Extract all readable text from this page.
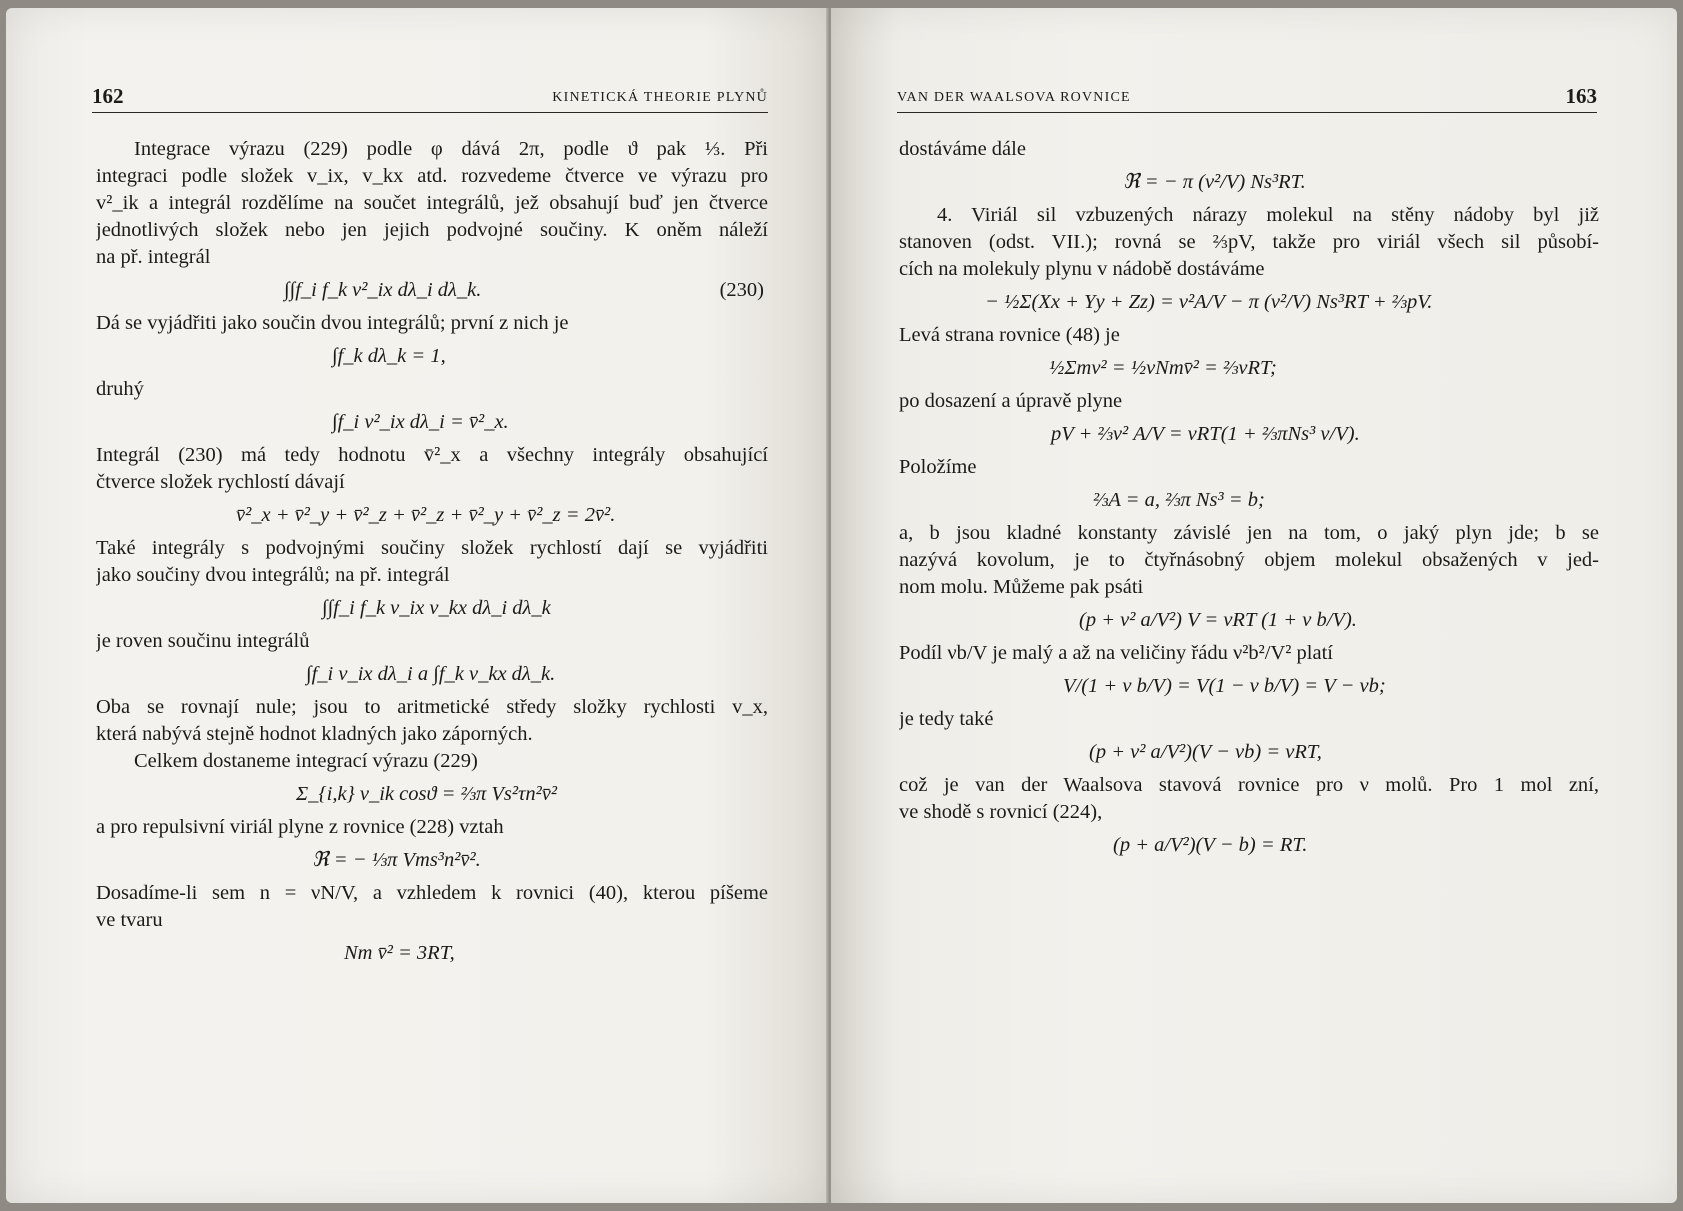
162	KINETICKÁ THEORIE PLYNŮ
Integrace výrazu (229) podle φ dává 2π, podle ϑ pak ⅓. Při
integraci podle složek v_ix, v_kx atd. rozvedeme čtverce ve výrazu pro
v²_ik a integrál rozdělíme na součet integrálů, jež obsahují buď jen čtverce
jednotlivých složek nebo jen jejich podvojné součiny. K oněm náleží
na př. integrál
∫∫f_i f_k v²_ix dλ_i dλ_k.	(230)
Dá se vyjádřiti jako součin dvou integrálů; první z nich je
∫f_k dλ_k = 1,
druhý
∫f_i v²_ix dλ_i = v̄²_x.
Integrál (230) má tedy hodnotu v̄²_x a všechny integrály obsahující
čtverce složek rychlostí dávají
v̄²_x + v̄²_y + v̄²_z + v̄²_z + v̄²_y + v̄²_z = 2v̄².
Také integrály s podvojnými součiny složek rychlostí dají se vyjádřiti
jako součiny dvou integrálů; na př. integrál
∫∫f_i f_k v_ix v_kx dλ_i dλ_k
je roven součinu integrálů
∫f_i v_ix dλ_i a ∫f_k v_kx dλ_k.
Oba se rovnají nule; jsou to aritmetické středy složky rychlosti v_x,
která nabývá stejně hodnot kladných jako záporných.
Celkem dostaneme integrací výrazu (229)
Σ_{i,k} v_ik cosϑ = ⅔π Vs²τn²v̄²
a pro repulsivní viriál plyne z rovnice (228) vztah
ℜ = − ⅓π Vms³n²v̄².
Dosadíme-li sem n = νN/V, a vzhledem k rovnici (40), kterou píšeme
ve tvaru
Nm v̄² = 3RT,
VAN DER WAALSOVA ROVNICE	163
dostáváme dále
ℜ = − π (ν²/V) Ns³RT.
4. Viriál sil vzbuzených nárazy molekul na stěny nádoby byl již
stanoven (odst. VII.); rovná se ⅔pV, takže pro viriál všech sil působí-
cích na molekuly plynu v nádobě dostáváme
− ½Σ(Xx + Yy + Zz) = ν²A/V − π (ν²/V) Ns³RT + ⅔pV.
Levá strana rovnice (48) je
½Σmv² = ½νNmv̄² = ⅔νRT;
po dosazení a úpravě plyne
pV + ⅔ν² A/V = νRT(1 + ⅔πNs³ ν/V).
Položíme
⅔A = a, ⅔π Ns³ = b;
a, b jsou kladné konstanty závislé jen na tom, o jaký plyn jde; b se
nazývá kovolum, je to čtyřnásobný objem molekul obsažených v jed-
nom molu. Můžeme pak psáti
(p + ν² a/V²) V = νRT (1 + ν b/V).
Podíl νb/V je malý a až na veličiny řádu ν²b²/V² platí
V/(1 + ν b/V) = V(1 − ν b/V) = V − νb;
je tedy také
(p + ν² a/V²)(V − νb) = νRT,
což je van der Waalsova stavová rovnice pro ν molů. Pro 1 mol zní,
ve shodě s rovnicí (224),
(p + a/V²)(V − b) = RT.
